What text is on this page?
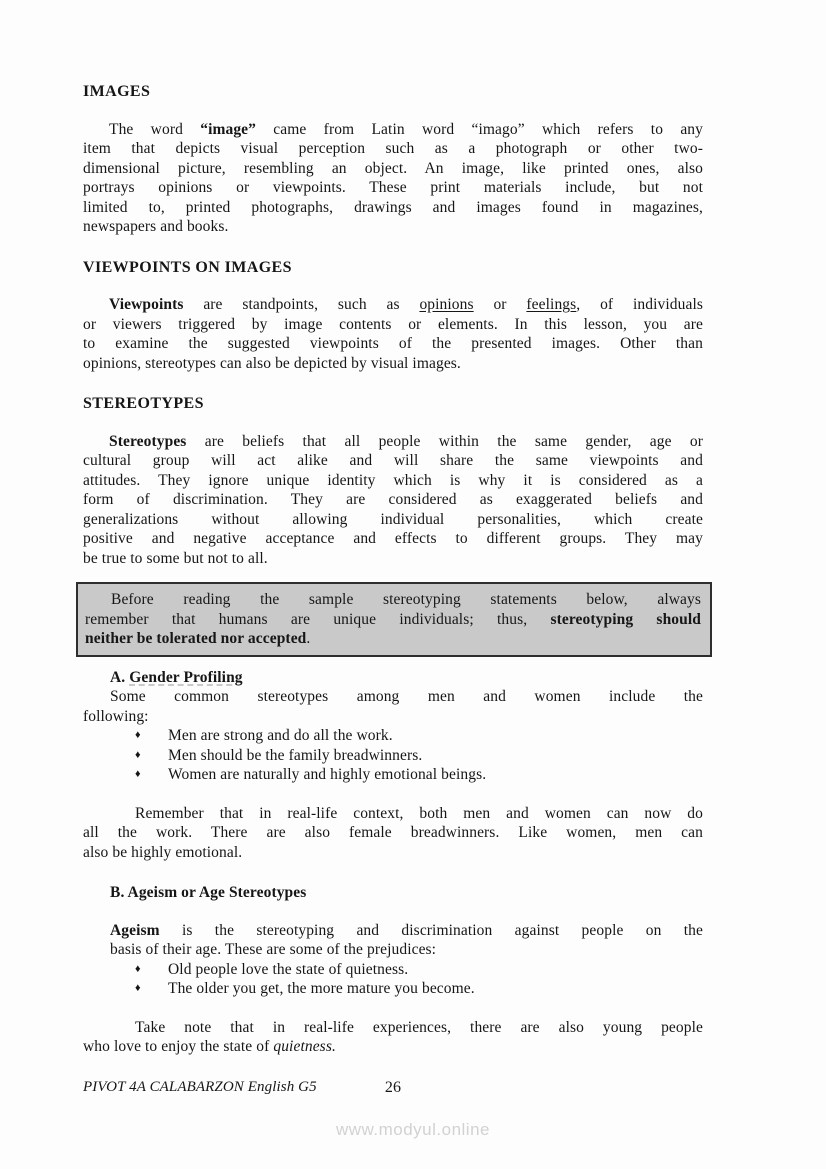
IMAGES
The word “image” came from Latin word “imago” which refers to any
item that depicts visual perception such as a photograph or other two-
dimensional picture, resembling an object. An image, like printed ones, also
portrays opinions or viewpoints. These print materials include, but not
limited to, printed photographs, drawings and images found in magazines,
newspapers and books.
VIEWPOINTS ON IMAGES
Viewpoints are standpoints, such as opinions or feelings, of individuals
or viewers triggered by image contents or elements. In this lesson, you are
to examine the suggested viewpoints of the presented images. Other than
opinions, stereotypes can also be depicted by visual images.
STEREOTYPES
Stereotypes are beliefs that all people within the same gender, age or
cultural group will act alike and will share the same viewpoints and
attitudes. They ignore unique identity which is why it is considered as a
form of discrimination. They are considered as exaggerated beliefs and
generalizations without allowing individual personalities, which create
positive and negative acceptance and effects to different groups. They may
be true to some but not to all.
Before reading the sample stereotyping statements below, always
remember that humans are unique individuals; thus, stereotyping should
neither be tolerated nor accepted.
A. Gender Profiling
Some common stereotypes among men and women include the
following:
♦	Men are strong and do all the work.
♦	Men should be the family breadwinners.
♦	Women are naturally and highly emotional beings.
Remember that in real-life context, both men and women can now do
all the work. There are also female breadwinners. Like women, men can
also be highly emotional.
B. Ageism or Age Stereotypes
Ageism is the stereotyping and discrimination against people on the
basis of their age. These are some of the prejudices:
♦	Old people love the state of quietness.
♦	The older you get, the more mature you become.
Take note that in real-life experiences, there are also young people
who love to enjoy the state of quietness.
PIVOT 4A CALABARZON English G5	26
www.modyul.online
